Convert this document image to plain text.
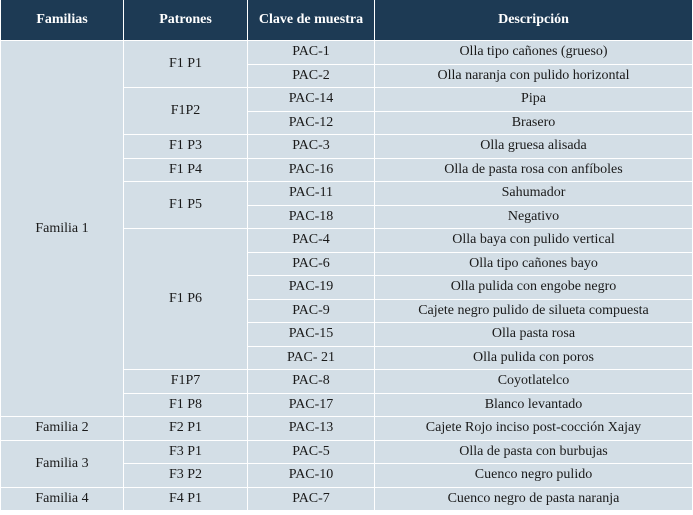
Familias	Patrones	Clave de muestra	Descripción
Familia 1	F1 P1	PAC-1	Olla tipo cañones (grueso)
		PAC-2	Olla naranja con pulido horizontal
	F1P2	PAC-14	Pipa
		PAC-12	Brasero
	F1 P3	PAC-3	Olla gruesa alisada
	F1 P4	PAC-16	Olla de pasta rosa con anfíboles
	F1 P5	PAC-11	Sahumador
		PAC-18	Negativo
	F1 P6	PAC-4	Olla baya con pulido vertical
		PAC-6	Olla tipo cañones bayo
		PAC-19	Olla pulida con engobe negro
		PAC-9	Cajete negro pulido de silueta compuesta
		PAC-15	Olla pasta rosa
		PAC- 21	Olla pulida con poros
	F1P7	PAC-8	Coyotlatelco
	F1 P8	PAC-17	Blanco levantado
Familia 2	F2 P1	PAC-13	Cajete Rojo inciso post-cocción Xajay
Familia 3	F3 P1	PAC-5	Olla de pasta con burbujas
	F3 P2	PAC-10	Cuenco negro pulido
Familia 4	F4 P1	PAC-7	Cuenco negro de pasta naranja
